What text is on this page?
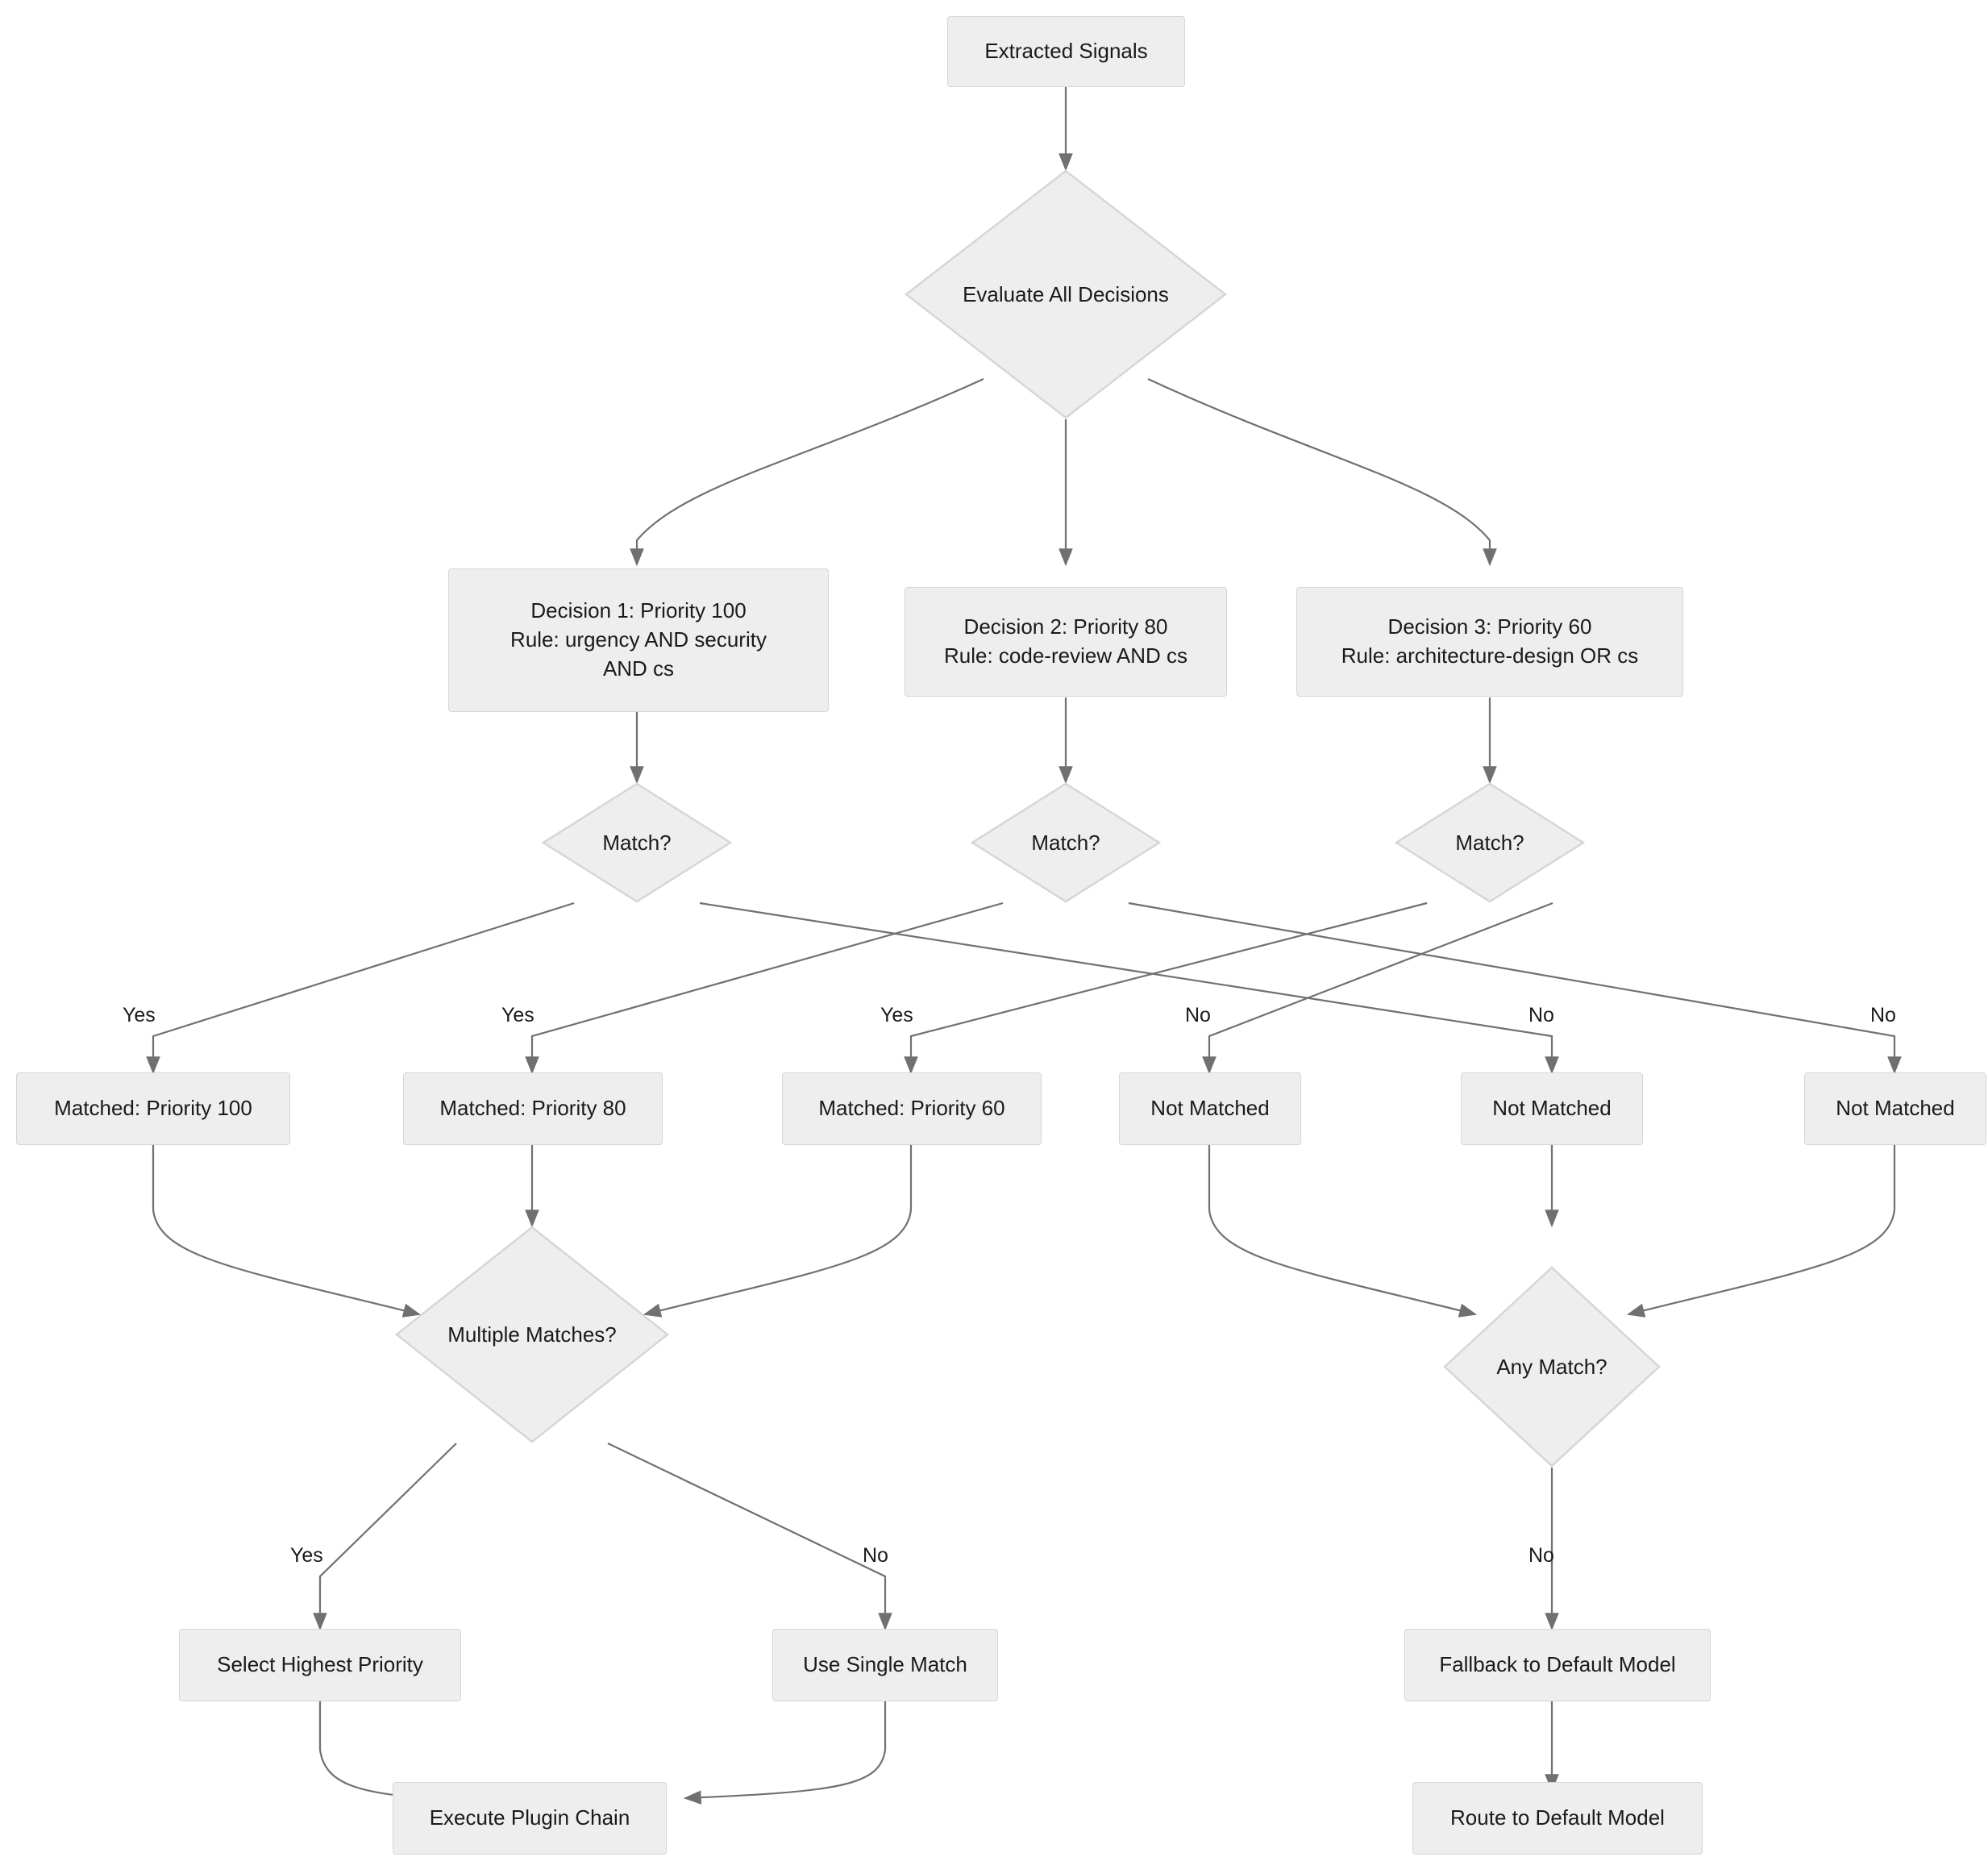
Extracted Signals
Evaluate All Decisions
Decision 1: Priority 100
Rule: urgency AND security
AND cs
Decision 2: Priority 80
Rule: code-review AND cs
Decision 3: Priority 60
Rule: architecture-design OR cs
Match?	Match?	Match?
Yes	Yes	Yes	No	No	No
Matched: Priority 100	Matched: Priority 80	Matched: Priority 60	Not Matched	Not Matched	Not Matched
Multiple Matches?
Any Match?
Yes	No	No
Select Highest Priority	Use Single Match
Execute Plugin Chain
Fallback to Default Model
Route to Default Model
